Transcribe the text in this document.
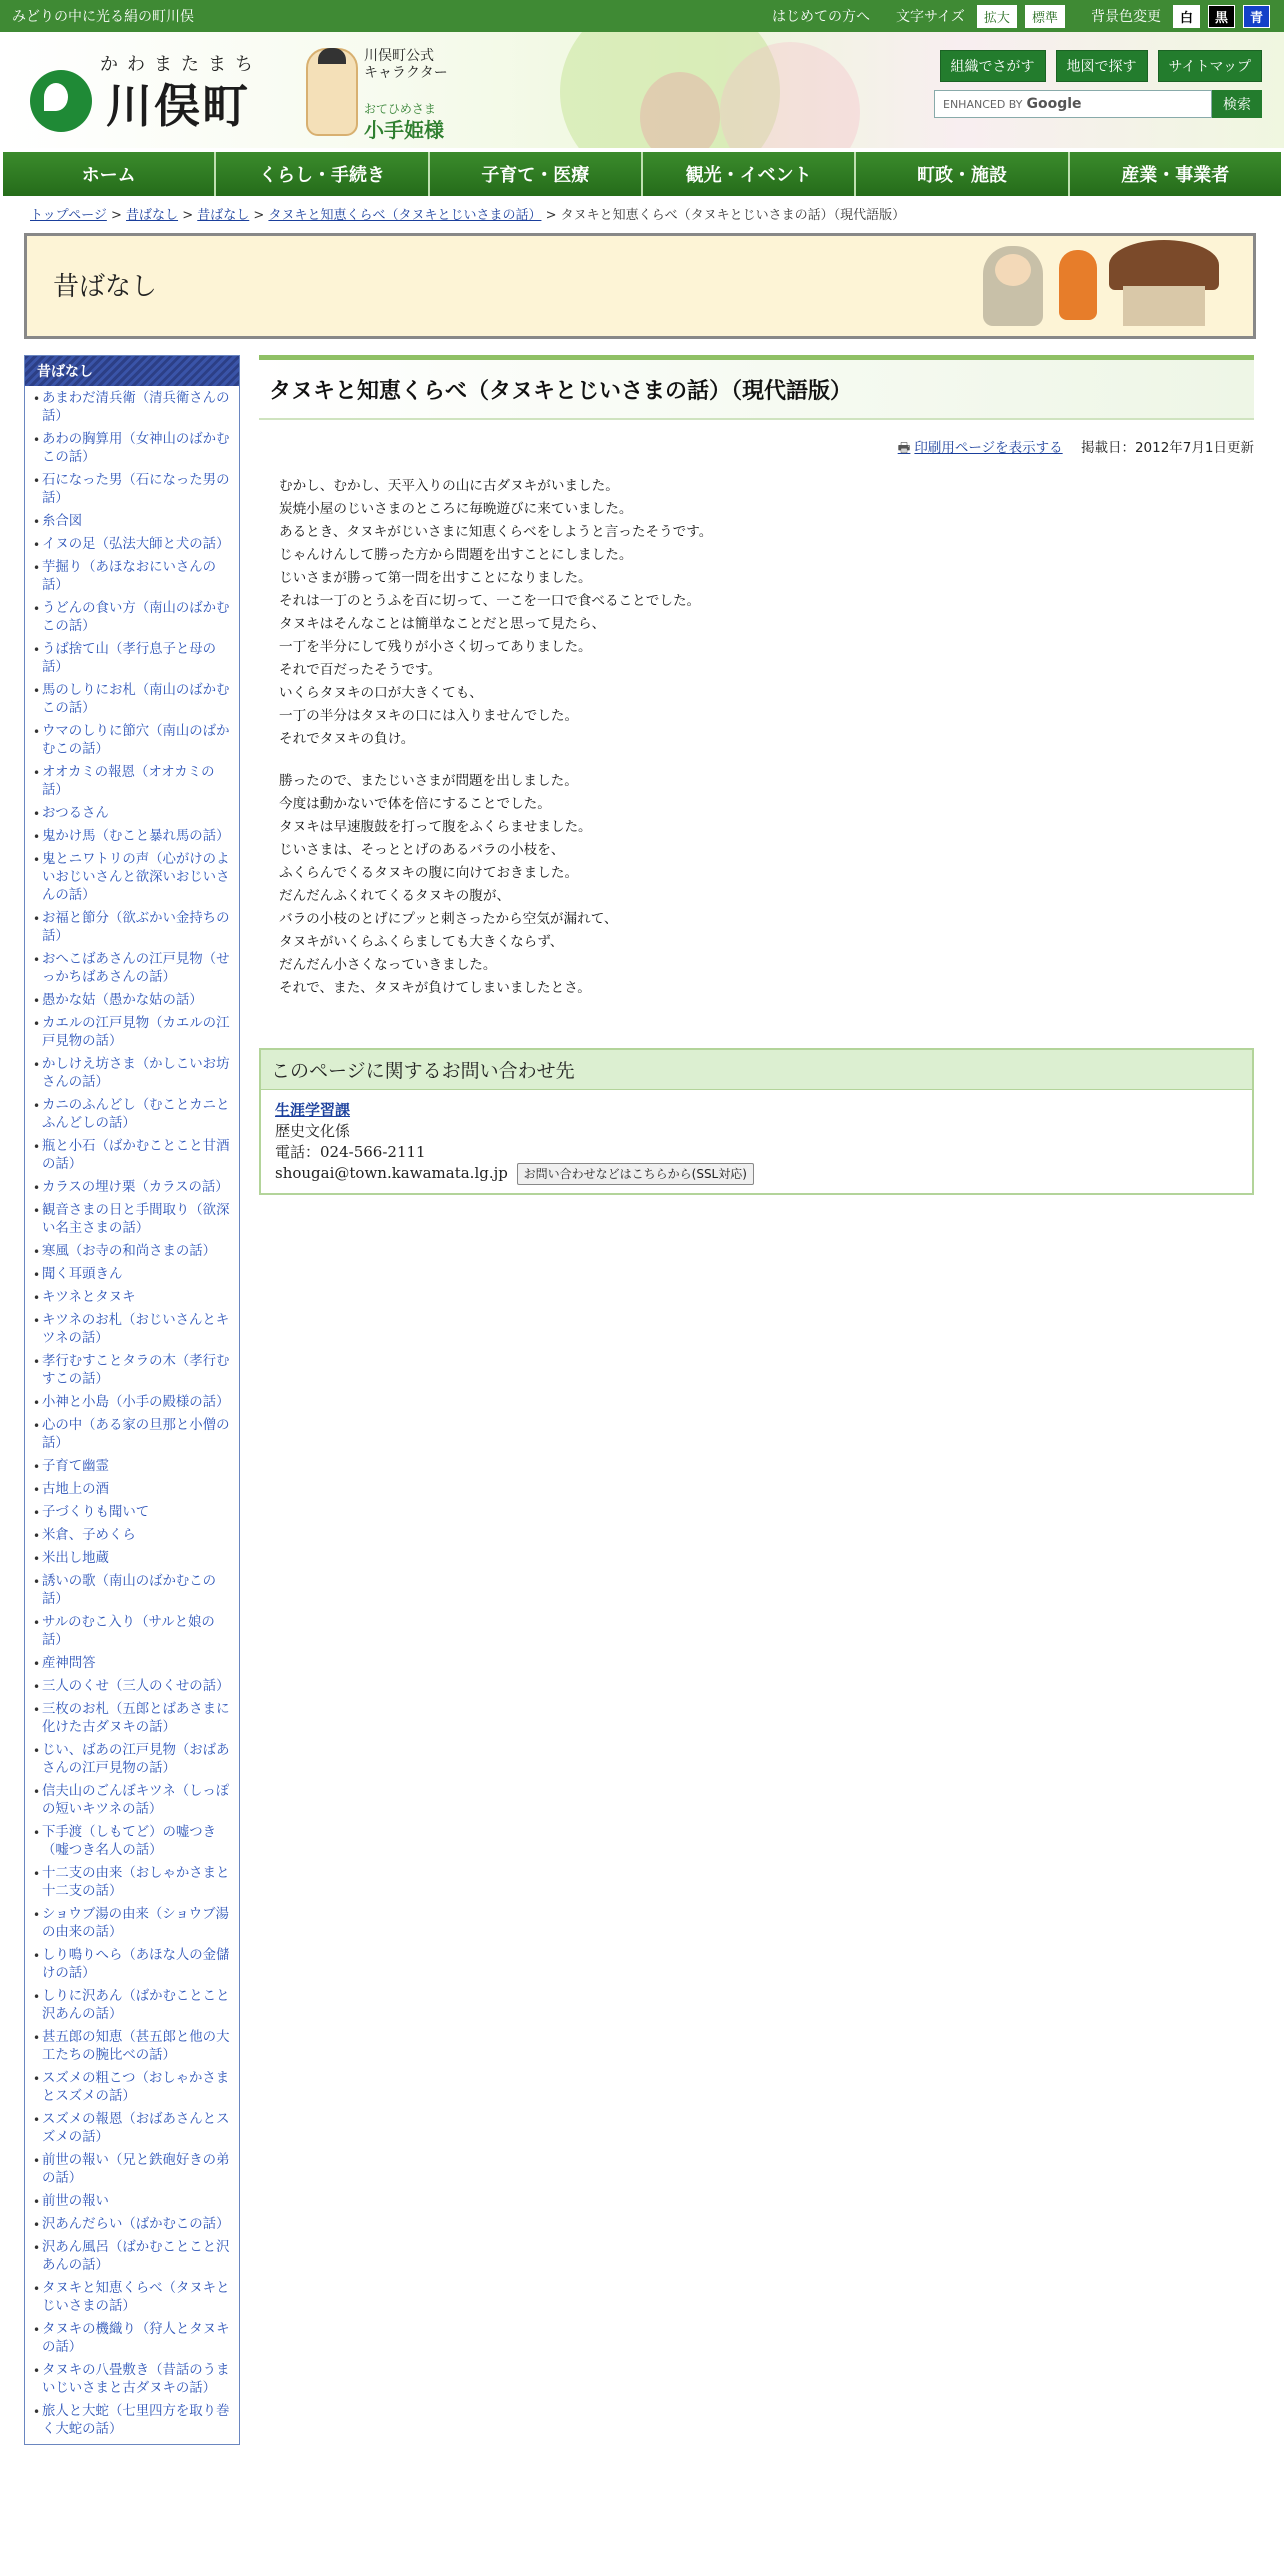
みどりの中に光る絹の町川俣	はじめての方へ 文字サイズ	拡大	標準	背景色変更	白	黒	青
かわまたまち
川俣町
川俣町公式
キャラクター
おてひめさま
小手姫様
組織でさがす	地図で探す	サイトマップ
ENHANCED BY Google	検索
ホーム	くらし・手続き	子育て・医療	観光・イベント	町政・施設	産業・事業者
トップページ > 昔ばなし > 昔ばなし > タヌキと知恵くらべ（タヌキとじいさまの話） > タヌキと知恵くらべ（タヌキとじいさまの話）（現代語版）
昔ばなし
昔ばなし
• あまわだ清兵衛（清兵衛さんの話）
• あわの胸算用（女神山のばかむこの話）
• 石になった男（石になった男の話）
• 糸合図
• イヌの足（弘法大師と犬の話）
• 芋掘り（あほなおにいさんの話）
• うどんの食い方（南山のばかむこの話）
• うば捨て山（孝行息子と母の話）
• 馬のしりにお札（南山のばかむこの話）
• ウマのしりに節穴（南山のばかむこの話）
• オオカミの報恩（オオカミの話）
• おつるさん
• 鬼かけ馬（むこと暴れ馬の話）
• 鬼とニワトリの声（心がけのよいおじいさんと欲深いおじいさんの話）
• お福と節分（欲ぶかい金持ちの話）
• おへこばあさんの江戸見物（せっかちばあさんの話）
• 愚かな姑（愚かな姑の話）
• カエルの江戸見物（カエルの江戸見物の話）
• かしけえ坊さま（かしこいお坊さんの話）
• カニのふんどし（むことカニとふんどしの話）
• 瓶と小石（ばかむことこと甘酒の話）
• カラスの埋け栗（カラスの話）
• 観音さまの日と手間取り（欲深い名主さまの話）
• 寒風（お寺の和尚さまの話）
• 聞く耳頭きん
• キツネとタヌキ
• キツネのお札（おじいさんとキツネの話）
• 孝行むすことタラの木（孝行むすこの話）
• 小神と小島（小手の殿様の話）
• 心の中（ある家の旦那と小僧の話）
• 子育て幽霊
• 古地上の酒
• 子づくりも聞いて
• 米倉、子めくら
• 米出し地蔵
• 誘いの歌（南山のばかむこの話）
• サルのむこ入り（サルと娘の話）
• 産神問答
• 三人のくせ（三人のくせの話）
• 三枚のお札（五郎とばあさまに化けた古ダヌキの話）
• じい、ばあの江戸見物（おばあさんの江戸見物の話）
• 信夫山のごんぼキツネ（しっぽの短いキツネの話）
• 下手渡（しもてど）の嘘つき（嘘つき名人の話）
• 十二支の由来（おしゃかさまと十二支の話）
• ショウブ湯の由来（ショウブ湯の由来の話）
• しり鳴りへら（あほな人の金儲けの話）
• しりに沢あん（ばかむことこと沢あんの話）
• 甚五郎の知恵（甚五郎と他の大工たちの腕比べの話）
• スズメの粗こつ（おしゃかさまとスズメの話）
• スズメの報恩（おばあさんとスズメの話）
• 前世の報い（兄と鉄砲好きの弟の話）
• 前世の報い
• 沢あんだらい（ばかむこの話）
• 沢あん風呂（ばかむことこと沢あんの話）
• タヌキと知恵くらべ（タヌキとじいさまの話）
• タヌキの機織り（狩人とタヌキの話）
• タヌキの八畳敷き（昔話のうまいじいさまと古ダヌキの話）
• 旅人と大蛇（七里四方を取り巻く大蛇の話）
タヌキと知恵くらべ（タヌキとじいさまの話）（現代語版）
🖶 印刷用ページを表示する 掲載日：2012年7月1日更新

むかし、むかし、天平入りの山に古ダヌキがいました。
炭焼小屋のじいさまのところに毎晩遊びに来ていました。
あるとき、タヌキがじいさまに知恵くらべをしようと言ったそうです。
じゃんけんして勝った方から問題を出すことにしました。
じいさまが勝って第一問を出すことになりました。
それは一丁のとうふを百に切って、一こを一口で食べることでした。
タヌキはそんなことは簡単なことだと思って見たら、
一丁を半分にして残りが小さく切ってありました。
それで百だったそうです。
いくらタヌキの口が大きくても、
一丁の半分はタヌキの口には入りませんでした。
それでタヌキの負け。

勝ったので、またじいさまが問題を出しました。
今度は動かないで体を倍にすることでした。
タヌキは早速腹鼓を打って腹をふくらませました。
じいさまは、そっととげのあるバラの小枝を、
ふくらんでくるタヌキの腹に向けておきました。
だんだんふくれてくるタヌキの腹が、
バラの小枝のとげにプッと刺さったから空気が漏れて、
タヌキがいくらふくらましても大きくならず、
だんだん小さくなっていきました。
それで、また、タヌキが負けてしまいましたとさ。

このページに関するお問い合わせ先
生涯学習課
歴史文化係
電話：024-566-2111
shougai@town.kawamata.lg.jp お問い合わせなどはこちらから(SSL対応)
